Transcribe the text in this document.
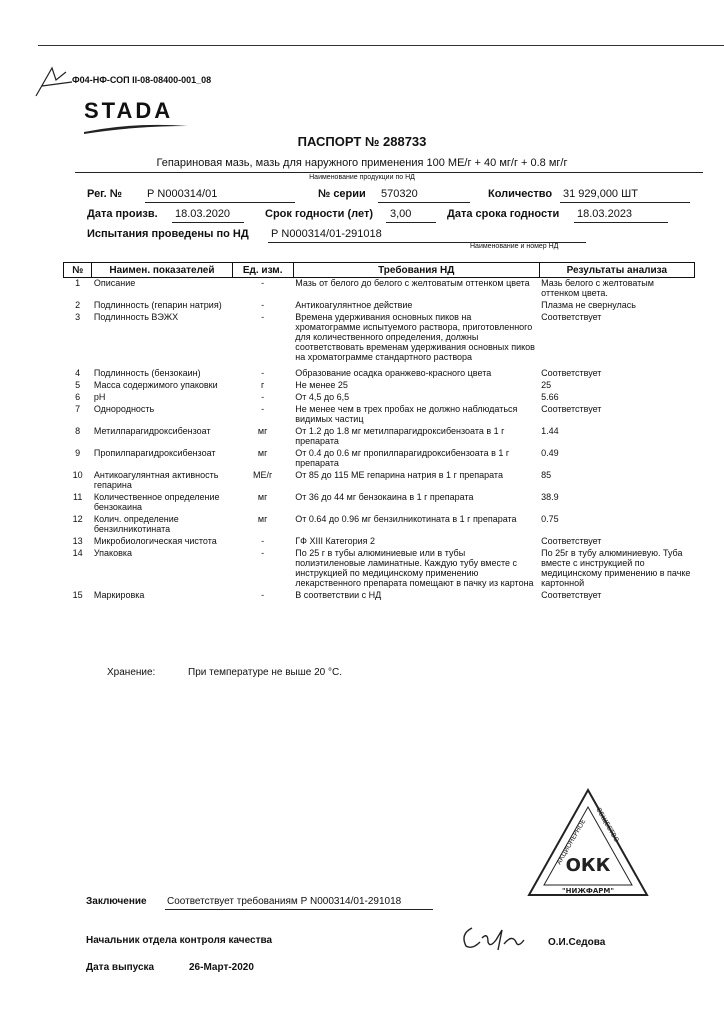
Ф04-НФ-СОП II-08-08400-001_08
STADA
ПАСПОРТ № 288733
Гепариновая мазь, мазь для наружного применения 100 МЕ/г + 40 мг/г + 0.8 мг/г
Наименование продукции по НД
Рег. № Р N000314/01	№ серии 570320	Количество 31 929,000 ШТ
Дата произв. 18.03.2020	Срок годности (лет) 3,00	Дата срока годности 18.03.2023
Испытания проведены по НД Р N000314/01-291018
Наименование и номер НД
№	Наимен. показателей	Ед. изм.	Требования НД	Результаты анализа
1	Описание	-	Мазь от белого до белого с желтоватым оттенком цвета	Мазь белого с желтоватым оттенком цвета.
2	Подлинность (гепарин натрия)	-	Антикоагулянтное действие	Плазма не свернулась
3	Подлинность ВЭЖХ	-	Времена удерживания основных пиков на хроматограмме испытуемого раствора, приготовленного для количественного определения, должны соответствовать временам удерживания основных пиков на хроматограмме стандартного раствора	Соответствует
4	Подлинность (бензокаин)	-	Образование осадка оранжево-красного цвета	Соответствует
5	Масса содержимого упаковки	г	Не менее 25	25
6	pH	-	От 4,5 до 6,5	5.66
7	Однородность	-	Не менее чем в трех пробах не должно наблюдаться видимых частиц	Соответствует
8	Метилпарагидроксибензоат	мг	От 1.2 до 1.8 мг метилпарагидроксибензоата в 1 г препарата	1.44
9	Пропилпарагидроксибензоат	мг	От 0.4 до 0.6 мг пропилпарагидроксибензоата в 1 г препарата	0.49
10	Антикоагулянтная активность гепарина	МЕ/г	От 85 до 115 МЕ гепарина натрия в 1 г препарата	85
11	Количественное определение бензокаина	мг	От 36 до 44 мг бензокаина в 1 г препарата	38.9
12	Колич. определение бензилникотината	мг	От 0.64 до 0.96 мг бензилникотината в 1 г препарата	0.75
13	Микробиологическая чистота	-	ГФ XIII Категория 2	Соответствует
14	Упаковка	-	По 25 г в тубы алюминиевые или в тубы полиэтиленовые ламинатные. Каждую тубу вместе с инструкцией по медицинскому применению лекарственного препарата помещают в пачку из картона	По 25г в тубу алюминиевую. Туба вместе с инструкцией по медицинскому применению в пачке картонной
15	Маркировка	-	В соответствии с НД	Соответствует
Хранение:	При температуре не выше 20 °С.
ОКК
АКЦИОНЕРНОЕ ОБЩЕСТВО
"НИЖФАРМ"
Заключение Соответствует требованиям Р N000314/01-291018
Начальник отдела контроля качества	О.И.Седова
Дата выпуска	26-Март-2020
